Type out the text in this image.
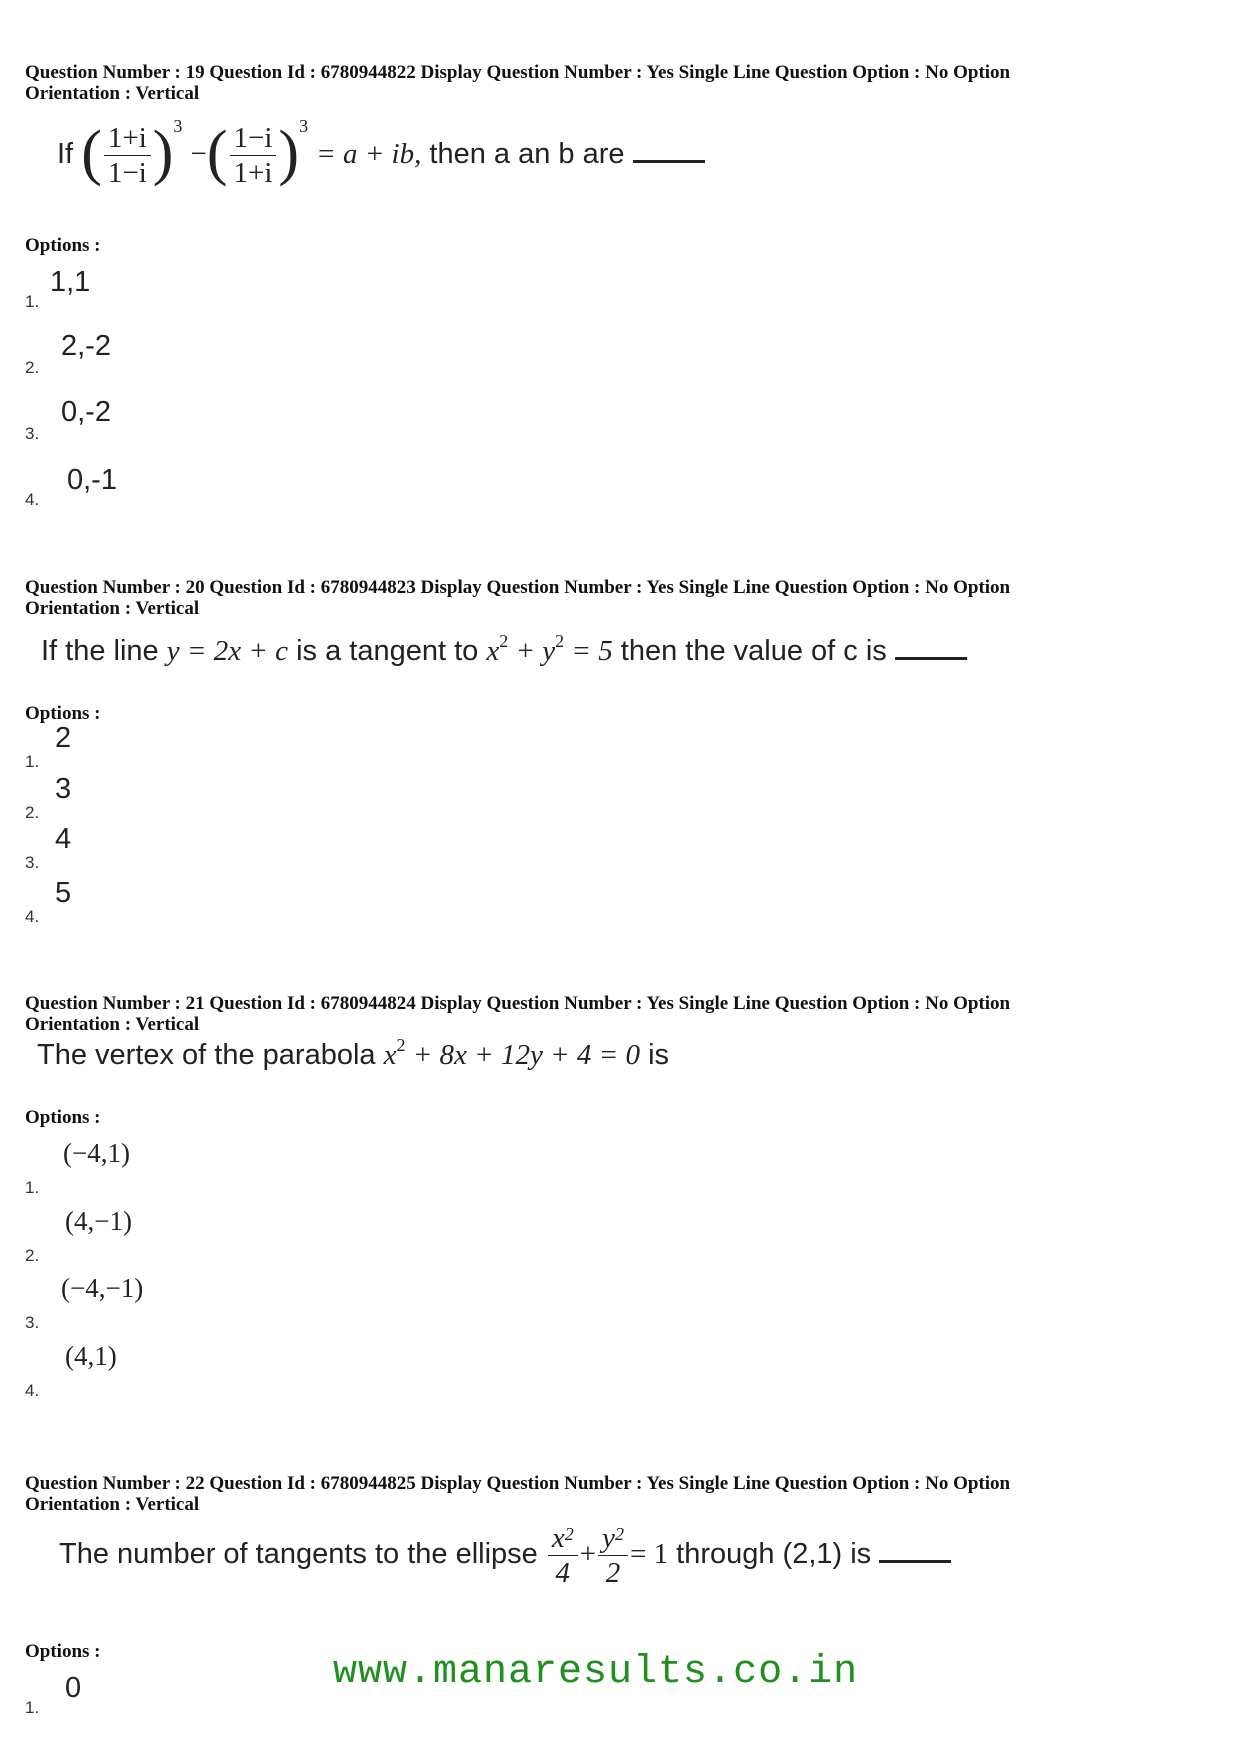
Question Number : 19 Question Id : 6780944822 Display Question Number : Yes Single Line Question Option : No Option
Orientation : Vertical

If ( $\frac{1+i}{1-i} )^3$ −( $\frac{1-i}{1+i} )^3 = a$ + ib, then a an b are

Options :

1.
1,1
2.
2,-2
3.
0,-2
4.
0,-1

Question Number : 20 Question Id : 6780944823 Display Question Number : Yes Single Line Question Option : No Option
Orientation : Vertical

If the line y = 2x + c is a tangent to $x^2 + y^2 = 5$ then the value of c is

Options :

1.
2
2.
3
3.
4
4.
5

Question Number : 21 Question Id : 6780944824 Display Question Number : Yes Single Line Question Option : No Option
Orientation : Vertical

The vertex of the parabola $x^2 + 8x + 12y + 4 = 0$ is

Options :

1.
(−4,1)
2.
(4,−1)
3.
(−4,−1)
4.
(4,1)

Question Number : 22 Question Id : 6780944825 Display Question Number : Yes Single Line Question Option : No Option
Orientation : Vertical

The number of tangents to the ellipse $\frac{x^2}{4} + \frac{y^2}{2} = 1$ through (2,1) is

Options :

1.
0	www.manaresults.co.in
